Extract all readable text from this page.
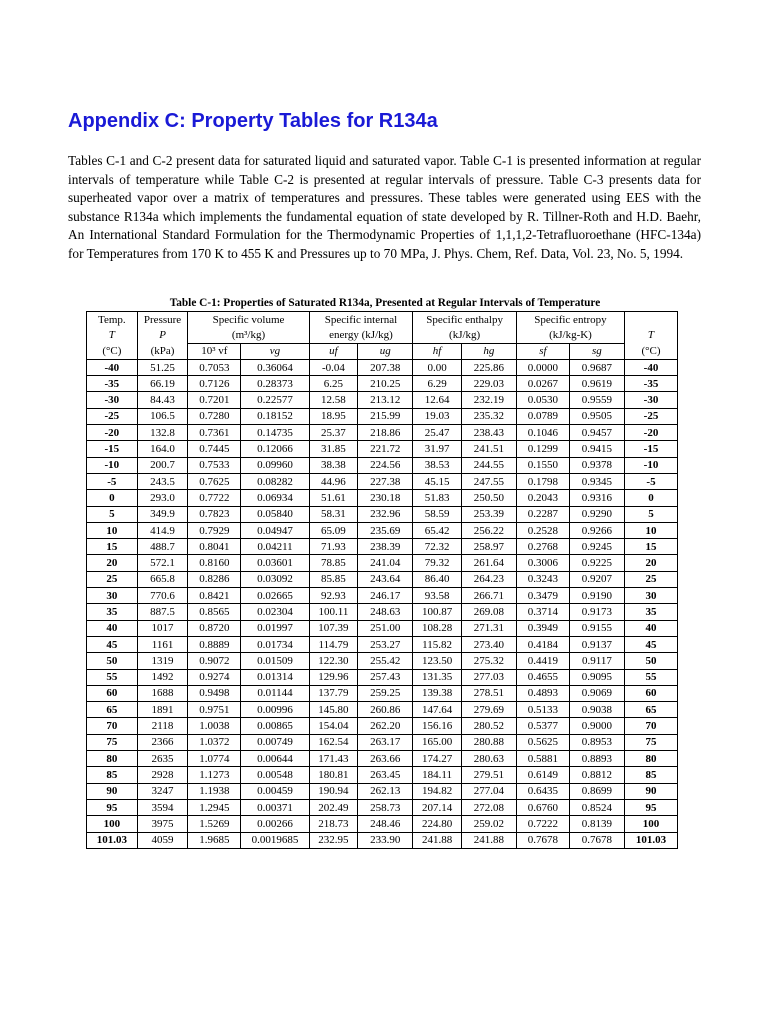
Appendix C: Property Tables for R134a

Tables C-1 and C-2 present data for saturated liquid and saturated vapor. Table C-1 is presented information at regular intervals of temperature while Table C-2 is presented at regular intervals of pressure. Table C-3 presents data for superheated vapor over a matrix of temperatures and pressures. These tables were generated using EES with the substance R134a which implements the fundamental equation of state developed by R. Tillner-Roth and H.D. Baehr, An International Standard Formulation for the Thermodynamic Properties of 1,1,1,2-Tetrafluoroethane (HFC-134a) for Temperatures from 170 K to 455 K and Pressures up to 70 MPa, J. Phys. Chem, Ref. Data, Vol. 23, No. 5, 1994.

Table C-1: Properties of Saturated R134a, Presented at Regular Intervals of Temperature
Temp.	Pressure	Specific volume		Specific internal		Specific enthalpy		Specific entropy		
T	P	(m³/kg)		energy (kJ/kg)		(kJ/kg)		(kJ/kg-K)		T
(°C)	(kPa)	10³ vf	vg	uf	ug	hf	hg	sf	sg	(°C)
-40	51.25	0.7053	0.36064	-0.04	207.38	0.00	225.86	0.0000	0.9687	-40
-35	66.19	0.7126	0.28373	6.25	210.25	6.29	229.03	0.0267	0.9619	-35
-30	84.43	0.7201	0.22577	12.58	213.12	12.64	232.19	0.0530	0.9559	-30
-25	106.5	0.7280	0.18152	18.95	215.99	19.03	235.32	0.0789	0.9505	-25
-20	132.8	0.7361	0.14735	25.37	218.86	25.47	238.43	0.1046	0.9457	-20
-15	164.0	0.7445	0.12066	31.85	221.72	31.97	241.51	0.1299	0.9415	-15
-10	200.7	0.7533	0.09960	38.38	224.56	38.53	244.55	0.1550	0.9378	-10
-5	243.5	0.7625	0.08282	44.96	227.38	45.15	247.55	0.1798	0.9345	-5
0	293.0	0.7722	0.06934	51.61	230.18	51.83	250.50	0.2043	0.9316	0
5	349.9	0.7823	0.05840	58.31	232.96	58.59	253.39	0.2287	0.9290	5
10	414.9	0.7929	0.04947	65.09	235.69	65.42	256.22	0.2528	0.9266	10
15	488.7	0.8041	0.04211	71.93	238.39	72.32	258.97	0.2768	0.9245	15
20	572.1	0.8160	0.03601	78.85	241.04	79.32	261.64	0.3006	0.9225	20
25	665.8	0.8286	0.03092	85.85	243.64	86.40	264.23	0.3243	0.9207	25
30	770.6	0.8421	0.02665	92.93	246.17	93.58	266.71	0.3479	0.9190	30
35	887.5	0.8565	0.02304	100.11	248.63	100.87	269.08	0.3714	0.9173	35
40	1017	0.8720	0.01997	107.39	251.00	108.28	271.31	0.3949	0.9155	40
45	1161	0.8889	0.01734	114.79	253.27	115.82	273.40	0.4184	0.9137	45
50	1319	0.9072	0.01509	122.30	255.42	123.50	275.32	0.4419	0.9117	50
55	1492	0.9274	0.01314	129.96	257.43	131.35	277.03	0.4655	0.9095	55
60	1688	0.9498	0.01144	137.79	259.25	139.38	278.51	0.4893	0.9069	60
65	1891	0.9751	0.00996	145.80	260.86	147.64	279.69	0.5133	0.9038	65
70	2118	1.0038	0.00865	154.04	262.20	156.16	280.52	0.5377	0.9000	70
75	2366	1.0372	0.00749	162.54	263.17	165.00	280.88	0.5625	0.8953	75
80	2635	1.0774	0.00644	171.43	263.66	174.27	280.63	0.5881	0.8893	80
85	2928	1.1273	0.00548	180.81	263.45	184.11	279.51	0.6149	0.8812	85
90	3247	1.1938	0.00459	190.94	262.13	194.82	277.04	0.6435	0.8699	90
95	3594	1.2945	0.00371	202.49	258.73	207.14	272.08	0.6760	0.8524	95
100	3975	1.5269	0.00266	218.73	248.46	224.80	259.02	0.7222	0.8139	100
101.03	4059	1.9685	0.0019685	232.95	233.90	241.88	241.88	0.7678	0.7678	101.03
